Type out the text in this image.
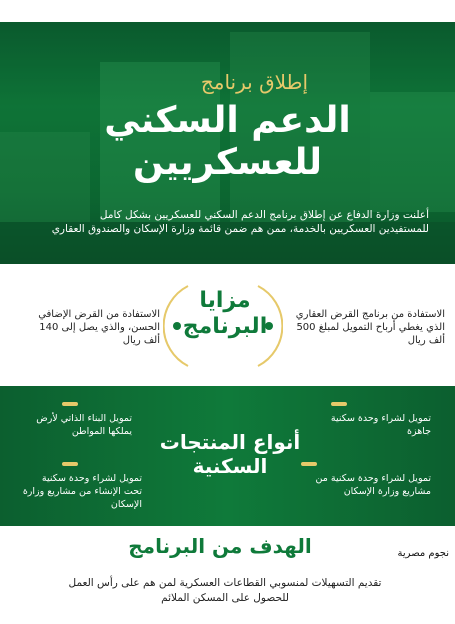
إطلاق برنامج
الدعم السكني
للعسكريين
أعلنت وزارة الدفاع عن إطلاق برنامج الدعم السكني للعسكريين بشكل كامل للمستفيدين العسكريين بالخدمة، ممن هم ضمن قائمة وزارة الإسكان والصندوق العقاري
الاستفادة من برنامج القرض العقاري الذي يغطي أرباح التمويل لمبلغ 500 ألف ريال
مزايا
البرنامج
الاستفادة من القرض الإضافي الحسن، والذي يصل إلى 140 ألف ريال
تمويل لشراء وحدة سكنية جاهزة
تمويل لشراء وحدة سكنية من مشاريع وزارة الإسكان
أنواع المنتجات
السكنية
تمويل البناء الذاتي لأرض يملكها المواطن
تمويل لشراء وحدة سكنية تحت الإنشاء من مشاريع وزارة الإسكان
نجوم مصرية
الهدف من البرنامج
تقديم التسهيلات لمنسوبي القطاعات العسكرية لمن هم على رأس العمل للحصول على المسكن الملائم
